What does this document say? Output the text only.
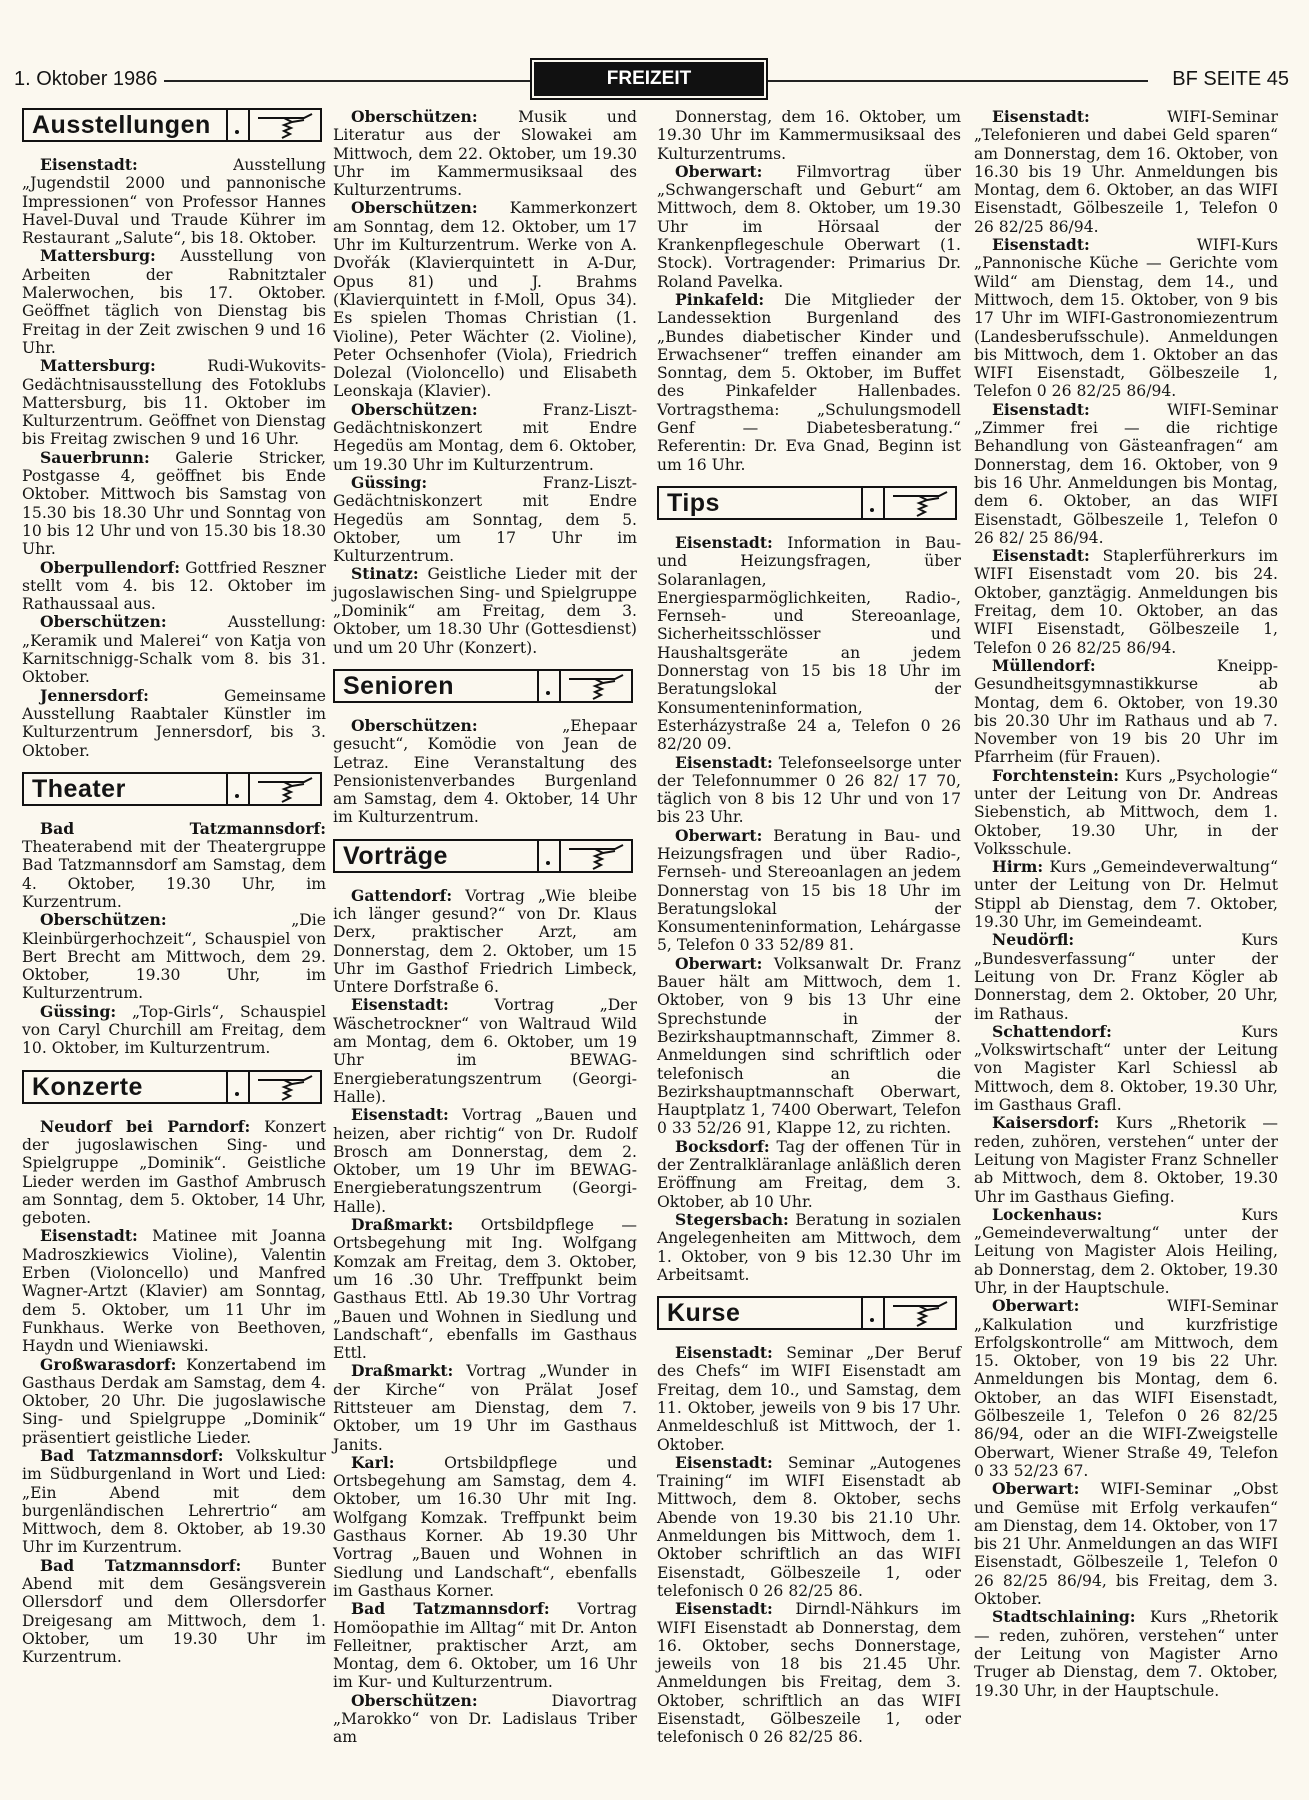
1. Oktober 1986	FREIZEIT	BF SEITE 45
Ausstellungen

Eisenstadt: Ausstellung „Jugendstil 2000 und pannonische Impressionen“ von Professor Hannes Havel-Duval und Traude Kührer im Restaurant „Salute“, bis 18. Oktober.

Mattersburg: Ausstellung von Arbeiten der Rabnitztaler Malerwochen, bis 17. Oktober. Geöffnet täglich von Dienstag bis Freitag in der Zeit zwischen 9 und 16 Uhr.

Mattersburg: Rudi-Wukovits-Gedächtnisausstellung des Fotoklubs Mattersburg, bis 11. Oktober im Kulturzentrum. Geöffnet von Dienstag bis Freitag zwischen 9 und 16 Uhr.

Sauerbrunn: Galerie Stricker, Postgasse 4, geöffnet bis Ende Oktober. Mittwoch bis Samstag von 15.30 bis 18.30 Uhr und Sonntag von 10 bis 12 Uhr und von 15.30 bis 18.30 Uhr.

Oberpullendorf: Gottfried Reszner stellt vom 4. bis 12. Oktober im Rathaussaal aus.

Oberschützen: Ausstellung: „Keramik und Malerei“ von Katja von Karnitschnigg-Schalk vom 8. bis 31. Oktober.

Jennersdorf: Gemeinsame Ausstellung Raabtaler Künstler im Kulturzentrum Jennersdorf, bis 3. Oktober.

Theater

Bad Tatzmannsdorf: Theaterabend mit der Theatergruppe Bad Tatzmannsdorf am Samstag, dem 4. Oktober, 19.30 Uhr, im Kurzentrum.

Oberschützen: „Die Kleinbürgerhochzeit“, Schauspiel von Bert Brecht am Mittwoch, dem 29. Oktober, 19.30 Uhr, im Kulturzentrum.

Güssing: „Top-Girls“, Schauspiel von Caryl Churchill am Freitag, dem 10. Oktober, im Kulturzentrum.

Konzerte

Neudorf bei Parndorf: Konzert der jugoslawischen Sing- und Spielgruppe „Dominik“. Geistliche Lieder werden im Gasthof Ambrusch am Sonntag, dem 5. Oktober, 14 Uhr, geboten.

Eisenstadt: Matinee mit Joanna Madroszkiewics Violine), Valentin Erben (Violoncello) und Manfred Wagner-Artzt (Klavier) am Sonntag, dem 5. Oktober, um 11 Uhr im Funkhaus. Werke von Beethoven, Haydn und Wieniawski.

Großwarasdorf: Konzertabend im Gasthaus Derdak am Samstag, dem 4. Oktober, 20 Uhr. Die jugoslawische Sing- und Spielgruppe „Dominik“ präsentiert geistliche Lieder.

Bad Tatzmannsdorf: Volkskultur im Südburgenland in Wort und Lied: „Ein Abend mit dem burgenländischen Lehrertrio“ am Mittwoch, dem 8. Oktober, ab 19.30 Uhr im Kurzentrum.

Bad Tatzmannsdorf: Bunter Abend mit dem Gesängsverein Ollersdorf und dem Ollersdorfer Dreigesang am Mittwoch, dem 1. Oktober, um 19.30 Uhr im Kurzentrum.

Oberschützen: Musik und Literatur aus der Slowakei am Mittwoch, dem 22. Oktober, um 19.30 Uhr im Kammermusiksaal des Kulturzentrums.

Oberschützen: Kammerkonzert am Sonntag, dem 12. Oktober, um 17 Uhr im Kulturzentrum. Werke von A. Dvořák (Klavierquintett in A-Dur, Opus 81) und J. Brahms (Klavierquintett in f-Moll, Opus 34). Es spielen Thomas Christian (1. Violine), Peter Wächter (2. Violine), Peter Ochsenhofer (Viola), Friedrich Dolezal (Violoncello) und Elisabeth Leonskaja (Klavier).

Oberschützen: Franz-Liszt-Gedächtniskonzert mit Endre Hegedüs am Montag, dem 6. Oktober, um 19.30 Uhr im Kulturzentrum.

Güssing: Franz-Liszt-Gedächtniskonzert mit Endre Hegedüs am Sonntag, dem 5. Oktober, um 17 Uhr im Kulturzentrum.

Stinatz: Geistliche Lieder mit der jugoslawischen Sing- und Spielgruppe „Dominik“ am Freitag, dem 3. Oktober, um 18.30 Uhr (Gottesdienst) und um 20 Uhr (Konzert).

Senioren

Oberschützen: „Ehepaar gesucht“, Komödie von Jean de Letraz. Eine Veranstaltung des Pensionistenverbandes Burgenland am Samstag, dem 4. Oktober, 14 Uhr im Kulturzentrum.

Vorträge

Gattendorf: Vortrag „Wie bleibe ich länger gesund?“ von Dr. Klaus Derx, praktischer Arzt, am Donnerstag, dem 2. Oktober, um 15 Uhr im Gasthof Friedrich Limbeck, Untere Dorfstraße 6.

Eisenstadt: Vortrag „Der Wäschetrockner“ von Waltraud Wild am Montag, dem 6. Oktober, um 19 Uhr im BEWAG-Energieberatungszentrum (Georgi-Halle).

Eisenstadt: Vortrag „Bauen und heizen, aber richtig“ von Dr. Rudolf Brosch am Donnerstag, dem 2. Oktober, um 19 Uhr im BEWAG-Energieberatungszentrum (Georgi-Halle).

Draßmarkt: Ortsbildpflege — Ortsbegehung mit Ing. Wolfgang Komzak am Freitag, dem 3. Oktober, um 16 .30 Uhr. Treffpunkt beim Gasthaus Ettl. Ab 19.30 Uhr Vortrag „Bauen und Wohnen in Siedlung und Landschaft“, ebenfalls im Gasthaus Ettl.

Draßmarkt: Vortrag „Wunder in der Kirche“ von Prälat Josef Rittsteuer am Dienstag, dem 7. Oktober, um 19 Uhr im Gasthaus Janits.

Karl: Ortsbildpflege und Ortsbegehung am Samstag, dem 4. Oktober, um 16.30 Uhr mit Ing. Wolfgang Komzak. Treffpunkt beim Gasthaus Korner. Ab 19.30 Uhr Vortrag „Bauen und Wohnen in Siedlung und Landschaft“, ebenfalls im Gasthaus Korner.

Bad Tatzmannsdorf: Vortrag Homöopathie im Alltag“ mit Dr. Anton Felleitner, praktischer Arzt, am Montag, dem 6. Oktober, um 16 Uhr im Kur- und Kulturzentrum.

Oberschützen: Diavortrag „Marokko“ von Dr. Ladislaus Triber am

Donnerstag, dem 16. Oktober, um 19.30 Uhr im Kammermusiksaal des Kulturzentrums.

Oberwart: Filmvortrag über „Schwangerschaft und Geburt“ am Mittwoch, dem 8. Oktober, um 19.30 Uhr im Hörsaal der Krankenpflegeschule Oberwart (1. Stock). Vortragender: Primarius Dr. Roland Pavelka.

Pinkafeld: Die Mitglieder der Landessektion Burgenland des „Bundes diabetischer Kinder und Erwachsener“ treffen einander am Sonntag, dem 5. Oktober, im Buffet des Pinkafelder Hallenbades. Vortragsthema: „Schulungsmodell Genf — Diabetesberatung.“ Referentin: Dr. Eva Gnad, Beginn ist um 16 Uhr.

Tips

Eisenstadt: Information in Bau- und Heizungsfragen, über Solaranlagen, Energiesparmöglichkeiten, Radio-, Fernseh- und Stereoanlage, Sicherheitsschlösser und Haushaltsgeräte an jedem Donnerstag von 15 bis 18 Uhr im Beratungslokal der Konsumenteninformation, Esterházystraße 24 a, Telefon 0 26 82/20 09.

Eisenstadt: Telefonseelsorge unter der Telefonnummer 0 26 82/ 17 70, täglich von 8 bis 12 Uhr und von 17 bis 23 Uhr.

Oberwart: Beratung in Bau- und Heizungsfragen und über Radio-, Fernseh- und Stereoanlagen an jedem Donnerstag von 15 bis 18 Uhr im Beratungslokal der Konsumenteninformation, Lehárgasse 5, Telefon 0 33 52/89 81.

Oberwart: Volksanwalt Dr. Franz Bauer hält am Mittwoch, dem 1. Oktober, von 9 bis 13 Uhr eine Sprechstunde in der Bezirkshauptmannschaft, Zimmer 8. Anmeldungen sind schriftlich oder telefonisch an die Bezirkshauptmannschaft Oberwart, Hauptplatz 1, 7400 Oberwart, Telefon 0 33 52/26 91, Klappe 12, zu richten.

Bocksdorf: Tag der offenen Tür in der Zentralkläranlage anläßlich deren Eröffnung am Freitag, dem 3. Oktober, ab 10 Uhr.

Stegersbach: Beratung in sozialen Angelegenheiten am Mittwoch, dem 1. Oktober, von 9 bis 12.30 Uhr im Arbeitsamt.

Kurse

Eisenstadt: Seminar „Der Beruf des Chefs“ im WIFI Eisenstadt am Freitag, dem 10., und Samstag, dem 11. Oktober, jeweils von 9 bis 17 Uhr. Anmeldeschluß ist Mittwoch, der 1. Oktober.

Eisenstadt: Seminar „Autogenes Training“ im WIFI Eisenstadt ab Mittwoch, dem 8. Oktober, sechs Abende von 19.30 bis 21.10 Uhr. Anmeldungen bis Mittwoch, dem 1. Oktober schriftlich an das WIFI Eisenstadt, Gölbeszeile 1, oder telefonisch 0 26 82/25 86.

Eisenstadt: Dirndl-Nähkurs im WIFI Eisenstadt ab Donnerstag, dem 16. Oktober, sechs Donnerstage, jeweils von 18 bis 21.45 Uhr. Anmeldungen bis Freitag, dem 3. Oktober, schriftlich an das WIFI Eisenstadt, Gölbeszeile 1, oder telefonisch 0 26 82/25 86.

Eisenstadt: WIFI-Seminar „Telefonieren und dabei Geld sparen“ am Donnerstag, dem 16. Oktober, von 16.30 bis 19 Uhr. Anmeldungen bis Montag, dem 6. Oktober, an das WIFI Eisenstadt, Gölbeszeile 1, Telefon 0 26 82/25 86/94.

Eisenstadt: WIFI-Kurs „Pannonische Küche — Gerichte vom Wild“ am Dienstag, dem 14., und Mittwoch, dem 15. Oktober, von 9 bis 17 Uhr im WIFI-Gastronomiezentrum (Landesberufsschule). Anmeldungen bis Mittwoch, dem 1. Oktober an das WIFI Eisenstadt, Gölbeszeile 1, Telefon 0 26 82/25 86/94.

Eisenstadt: WIFI-Seminar „Zimmer frei — die richtige Behandlung von Gästeanfragen“ am Donnerstag, dem 16. Oktober, von 9 bis 16 Uhr. Anmeldungen bis Montag, dem 6. Oktober, an das WIFI Eisenstadt, Gölbeszeile 1, Telefon 0 26 82/ 25 86/94.

Eisenstadt: Staplerführerkurs im WIFI Eisenstadt vom 20. bis 24. Oktober, ganztägig. Anmeldungen bis Freitag, dem 10. Oktober, an das WIFI Eisenstadt, Gölbeszeile 1, Telefon 0 26 82/25 86/94.

Müllendorf: Kneipp-Gesundheitsgymnastikkurse ab Montag, dem 6. Oktober, von 19.30 bis 20.30 Uhr im Rathaus und ab 7. November von 19 bis 20 Uhr im Pfarrheim (für Frauen).

Forchtenstein: Kurs „Psychologie“ unter der Leitung von Dr. Andreas Siebenstich, ab Mittwoch, dem 1. Oktober, 19.30 Uhr, in der Volksschule.

Hirm: Kurs „Gemeindeverwaltung“ unter der Leitung von Dr. Helmut Stippl ab Dienstag, dem 7. Oktober, 19.30 Uhr, im Gemeindeamt.

Neudörfl: Kurs „Bundesverfassung“ unter der Leitung von Dr. Franz Kögler ab Donnerstag, dem 2. Oktober, 20 Uhr, im Rathaus.

Schattendorf: Kurs „Volkswirtschaft“ unter der Leitung von Magister Karl Schiessl ab Mittwoch, dem 8. Oktober, 19.30 Uhr, im Gasthaus Grafl.

Kaisersdorf: Kurs „Rhetorik — reden, zuhören, verstehen“ unter der Leitung von Magister Franz Schneller ab Mittwoch, dem 8. Oktober, 19.30 Uhr im Gasthaus Giefing.

Lockenhaus: Kurs „Gemeindeverwaltung“ unter der Leitung von Magister Alois Heiling, ab Donnerstag, dem 2. Oktober, 19.30 Uhr, in der Hauptschule.

Oberwart: WIFI-Seminar „Kalkulation und kurzfristige Erfolgskontrolle“ am Mittwoch, dem 15. Oktober, von 19 bis 22 Uhr. Anmeldungen bis Montag, dem 6. Oktober, an das WIFI Eisenstadt, Gölbeszeile 1, Telefon 0 26 82/25 86/94, oder an die WIFI-Zweigstelle Oberwart, Wiener Straße 49, Telefon 0 33 52/23 67.

Oberwart: WIFI-Seminar „Obst und Gemüse mit Erfolg verkaufen“ am Dienstag, dem 14. Oktober, von 17 bis 21 Uhr. Anmeldungen an das WIFI Eisenstadt, Gölbeszeile 1, Telefon 0 26 82/25 86/94, bis Freitag, dem 3. Oktober.

Stadtschlaining: Kurs „Rhetorik — reden, zuhören, verstehen“ unter der Leitung von Magister Arno Truger ab Dienstag, dem 7. Oktober, 19.30 Uhr, in der Hauptschule.
